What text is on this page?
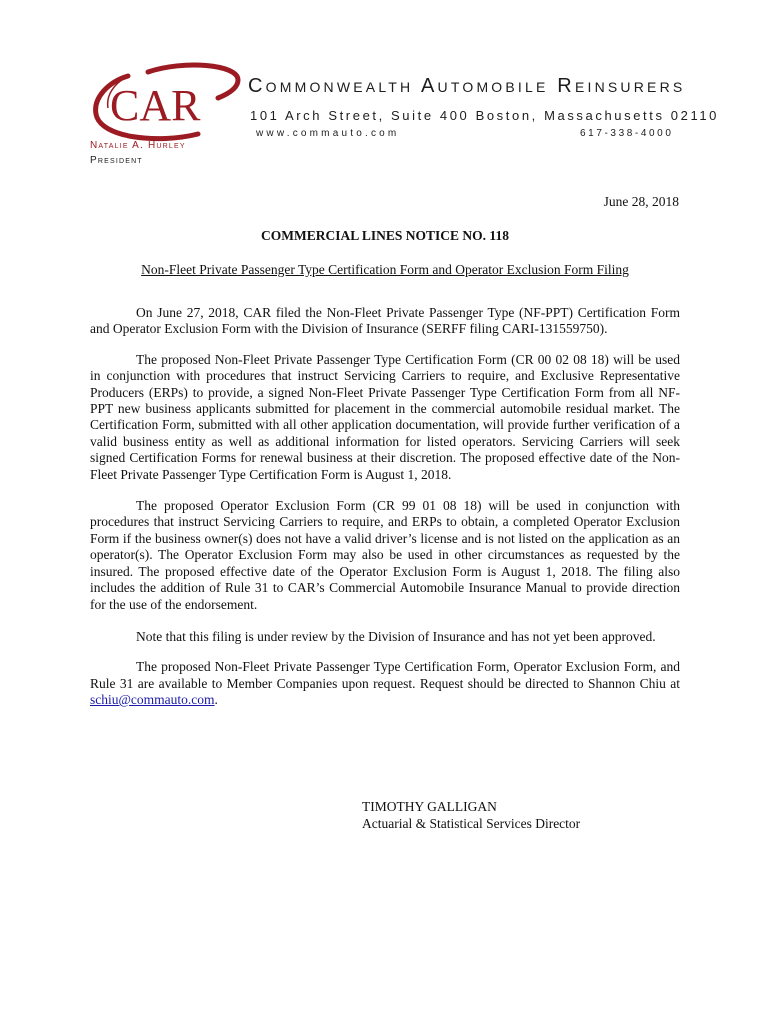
CAR Commonwealth Automobile Reinsurers
101 Arch Street, Suite 400 Boston, Massachusetts 02110
www.commauto.com	617-338-4000
Natalie A. Hurley
President
June 28, 2018
COMMERCIAL LINES NOTICE NO. 118
Non-Fleet Private Passenger Type Certification Form and Operator Exclusion Form Filing

On June 27, 2018, CAR filed the Non-Fleet Private Passenger Type (NF-PPT) Certification Form and Operator Exclusion Form with the Division of Insurance (SERFF filing CARI-131559750).

The proposed Non-Fleet Private Passenger Type Certification Form (CR 00 02 08 18) will be used in conjunction with procedures that instruct Servicing Carriers to require, and Exclusive Representative Producers (ERPs) to provide, a signed Non-Fleet Private Passenger Type Certification Form from all NF-PPT new business applicants submitted for placement in the commercial automobile residual market. The Certification Form, submitted with all other application documentation, will provide further verification of a valid business entity as well as additional information for listed operators. Servicing Carriers will seek signed Certification Forms for renewal business at their discretion. The proposed effective date of the Non-Fleet Private Passenger Type Certification Form is August 1, 2018.

The proposed Operator Exclusion Form (CR 99 01 08 18) will be used in conjunction with procedures that instruct Servicing Carriers to require, and ERPs to obtain, a completed Operator Exclusion Form if the business owner(s) does not have a valid driver’s license and is not listed on the application as an operator(s). The Operator Exclusion Form may also be used in other circumstances as requested by the insured. The proposed effective date of the Operator Exclusion Form is August 1, 2018. The filing also includes the addition of Rule 31 to CAR’s Commercial Automobile Insurance Manual to provide direction for the use of the endorsement.

Note that this filing is under review by the Division of Insurance and has not yet been approved.

The proposed Non-Fleet Private Passenger Type Certification Form, Operator Exclusion Form, and Rule 31 are available to Member Companies upon request. Request should be directed to Shannon Chiu at schiu@commauto.com.

TIMOTHY GALLIGAN
Actuarial & Statistical Services Director
